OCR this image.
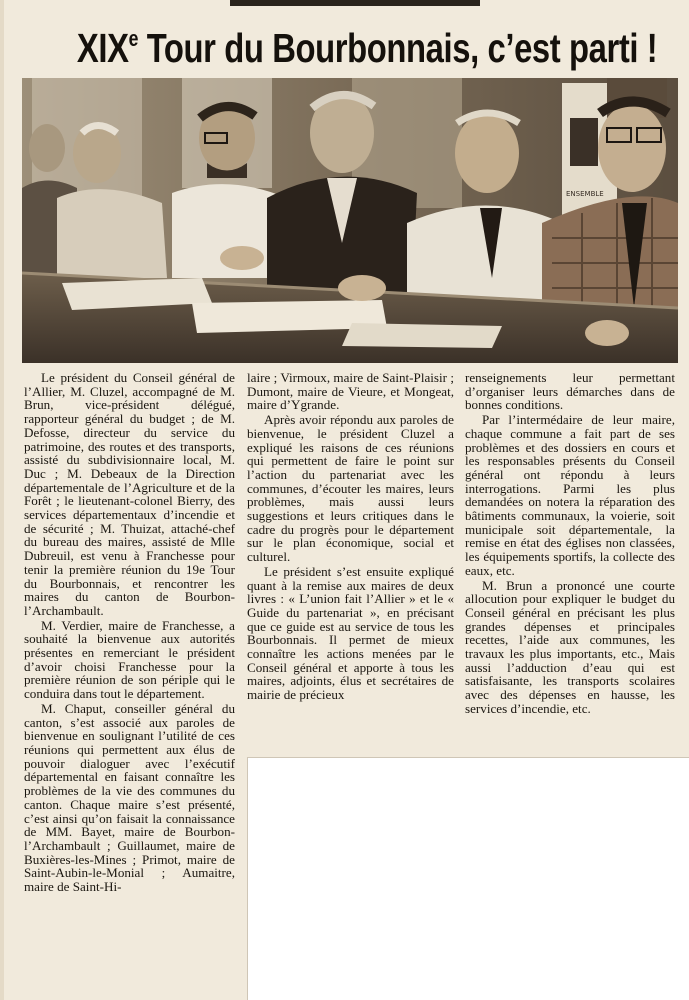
XIXe Tour du Bourbonnais, c’est parti !
ENSEMBLE

Le président du Conseil général de l’Allier, M. Cluzel, accompagné de M. Brun, vice-président délégué, rapporteur général du budget ; de M. Defosse, directeur du service du patrimoine, des routes et des transports, assisté du subdivisionnaire local, M. Duc ; M. Debeaux de la Direction départementale de l’Agriculture et de la Forêt ; le lieutenant-colonel Bierry, des services départementaux d’incendie et de sécurité ; M. Thuizat, attaché-chef du bureau des maires, assisté de Mlle Dubreuil, est venu à Franchesse pour tenir la première réunion du 19e Tour du Bourbonnais, et rencontrer les maires du canton de Bourbon-l’Archambault.

M. Verdier, maire de Franchesse, a souhaité la bienvenue aux autorités présentes en remerciant le président d’avoir choisi Franchesse pour la première réunion de son périple qui le conduira dans tout le département.

M. Chaput, conseiller général du canton, s’est associé aux paroles de bienvenue en soulignant l’utilité de ces réunions qui permettent aux élus de pouvoir dialoguer avec l’exécutif départemental en faisant connaître les problèmes de la vie des communes du canton. Chaque maire s’est présenté, c’est ainsi qu’on faisait la connaissance de MM. Bayet, maire de Bourbon-l’Archambault ; Guillaumet, maire de Buxières-les-Mines ; Primot, maire de Saint-Aubin-le-Monial ; Aumaitre, maire de Saint-Hi-

laire ; Virmoux, maire de Saint-Plaisir ; Dumont, maire de Vieure, et Mongeat, maire d’Ygrande.

Après avoir répondu aux paroles de bienvenue, le président Cluzel a expliqué les raisons de ces réunions qui permettent de faire le point sur l’action du partenariat avec les communes, d’écouter les maires, leurs problèmes, mais aussi leurs suggestions et leurs critiques dans le cadre du progrès pour le département sur le plan économique, social et culturel.

Le président s’est ensuite expliqué quant à la remise aux maires de deux livres : « L’union fait l’Allier » et le « Guide du partenariat », en précisant que ce guide est au service de tous les Bourbonnais. Il permet de mieux connaître les actions menées par le Conseil général et apporte à tous les maires, adjoints, élus et secrétaires de mairie de précieux

renseignements leur permettant d’organiser leurs démarches dans de bonnes conditions.

Par l’intermédaire de leur maire, chaque commune a fait part de ses problèmes et des dossiers en cours et les responsables présents du Conseil général ont répondu à leurs interrogations. Parmi les plus demandées on notera la réparation des bâtiments communaux, la voierie, soit municipale soit départementale, la remise en état des églises non classées, les équipements sportifs, la collecte des eaux, etc.

M. Brun a prononcé une courte allocution pour expliquer le budget du Conseil général en précisant les plus grandes dépenses et principales recettes, l’aide aux communes, les travaux les plus importants, etc., Mais aussi l’adduction d’eau qui est satisfaisante, les transports scolaires avec des dépenses en hausse, les services d’incendie, etc.
